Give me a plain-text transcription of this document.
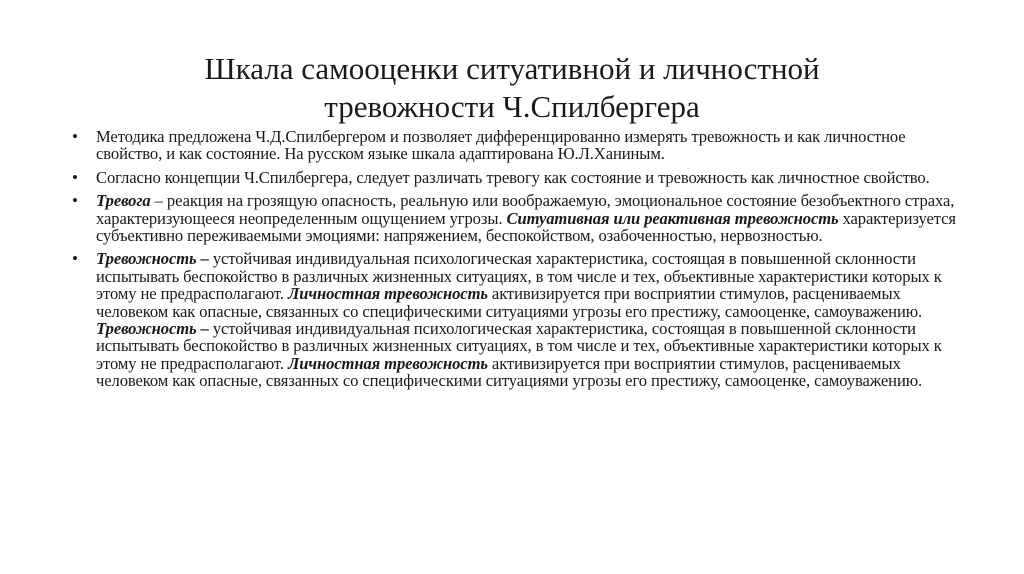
Шкала самооценки ситуативной и личностной
тревожности Ч.Спилбергера
• Методика предложена Ч.Д.Спилбергером и позволяет дифференцированно измерять тревожность и как личностное свойство, и как состояние. На русском языке шкала адаптирована Ю.Л.Ханиным.
• Согласно концепции Ч.Спилбергера, следует различать тревогу как состояние и тревожность как личностное свойство.
• Тревога – реакция на грозящую опасность, реальную или воображаемую, эмоциональное состояние безобъектного страха, характеризующееся неопределенным ощущением угрозы. Ситуативная или реактивная тревожность характеризуется субъективно переживаемыми эмоциями: напряжением, беспокойством, озабоченностью, нервозностью.
• Тревожность – устойчивая индивидуальная психологическая характеристика, состоящая в повышенной склонности испытывать беспокойство в различных жизненных ситуациях, в том числе и тех, объективные характеристики которых к этому не предрасполагают. Личностная тревожность активизируется при восприятии стимулов, расцениваемых человеком как опасные, связанных со специфическими ситуациями угрозы его престижу, самооценке, самоуважению. Тревожность – устойчивая индивидуальная психологическая характеристика, состоящая в повышенной склонности испытывать беспокойство в различных жизненных ситуациях, в том числе и тех, объективные характеристики которых к этому не предрасполагают. Личностная тревожность активизируется при восприятии стимулов, расцениваемых человеком как опасные, связанных со специфическими ситуациями угрозы его престижу, самооценке, самоуважению.
